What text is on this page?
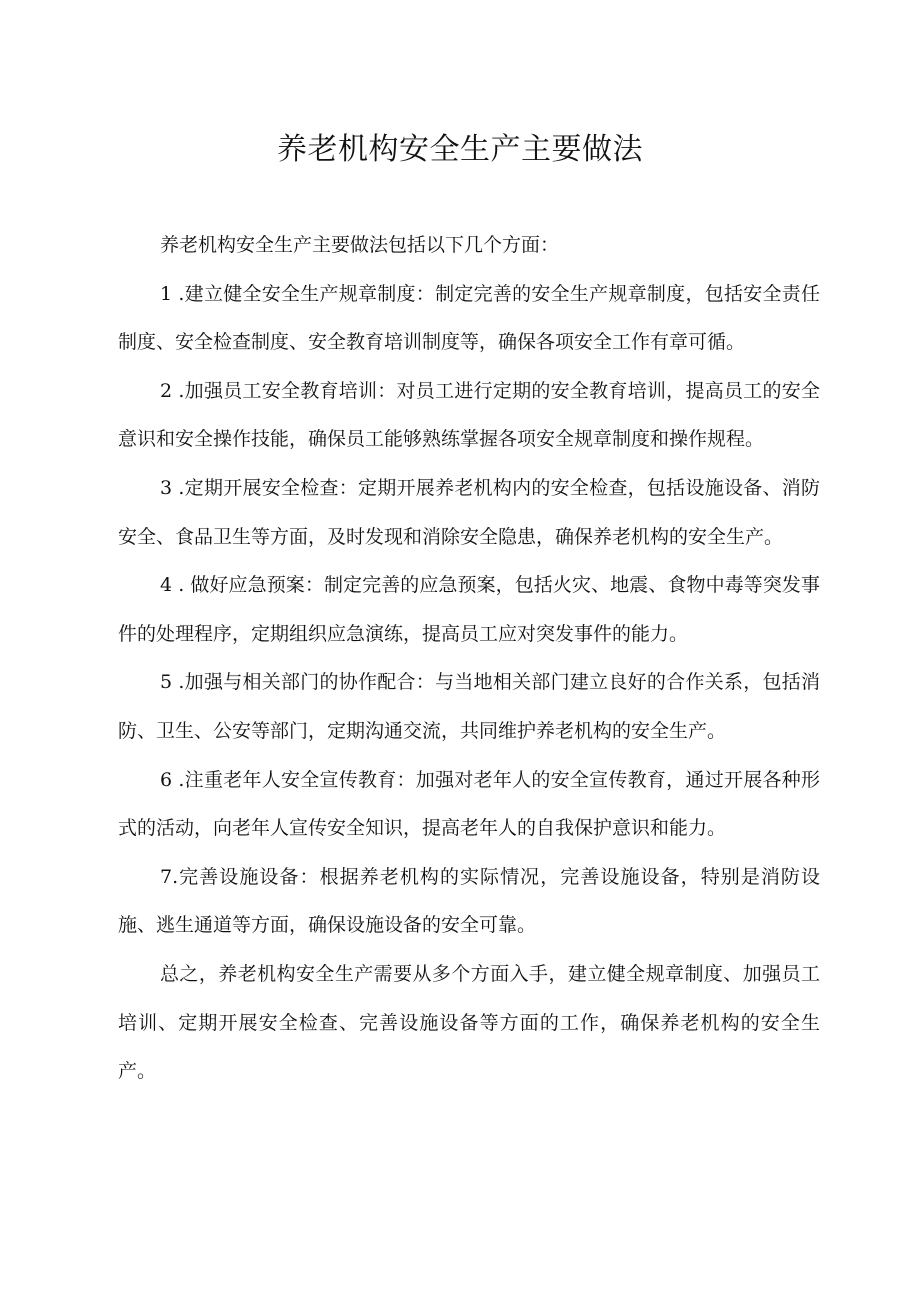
养老机构安全生产主要做法

养老机构安全生产主要做法包括以下几个方面：

1 .建立健全安全生产规章制度：制定完善的安全生产规章制度，包括安全责任制度、安全检查制度、安全教育培训制度等，确保各项安全工作有章可循。

2 .加强员工安全教育培训：对员工进行定期的安全教育培训，提高员工的安全意识和安全操作技能，确保员工能够熟练掌握各项安全规章制度和操作规程。

3 .定期开展安全检查：定期开展养老机构内的安全检查，包括设施设备、消防安全、食品卫生等方面，及时发现和消除安全隐患，确保养老机构的安全生产。

4 . 做好应急预案：制定完善的应急预案，包括火灾、地震、食物中毒等突发事件的处理程序，定期组织应急演练，提高员工应对突发事件的能力。

5 .加强与相关部门的协作配合：与当地相关部门建立良好的合作关系，包括消防、卫生、公安等部门，定期沟通交流，共同维护养老机构的安全生产。

6 .注重老年人安全宣传教育：加强对老年人的安全宣传教育，通过开展各种形式的活动，向老年人宣传安全知识，提高老年人的自我保护意识和能力。

7.完善设施设备：根据养老机构的实际情况，完善设施设备，特别是消防设施、逃生通道等方面，确保设施设备的安全可靠。

总之，养老机构安全生产需要从多个方面入手，建立健全规章制度、加强员工培训、定期开展安全检查、完善设施设备等方面的工作，确保养老机构的安全生产。
